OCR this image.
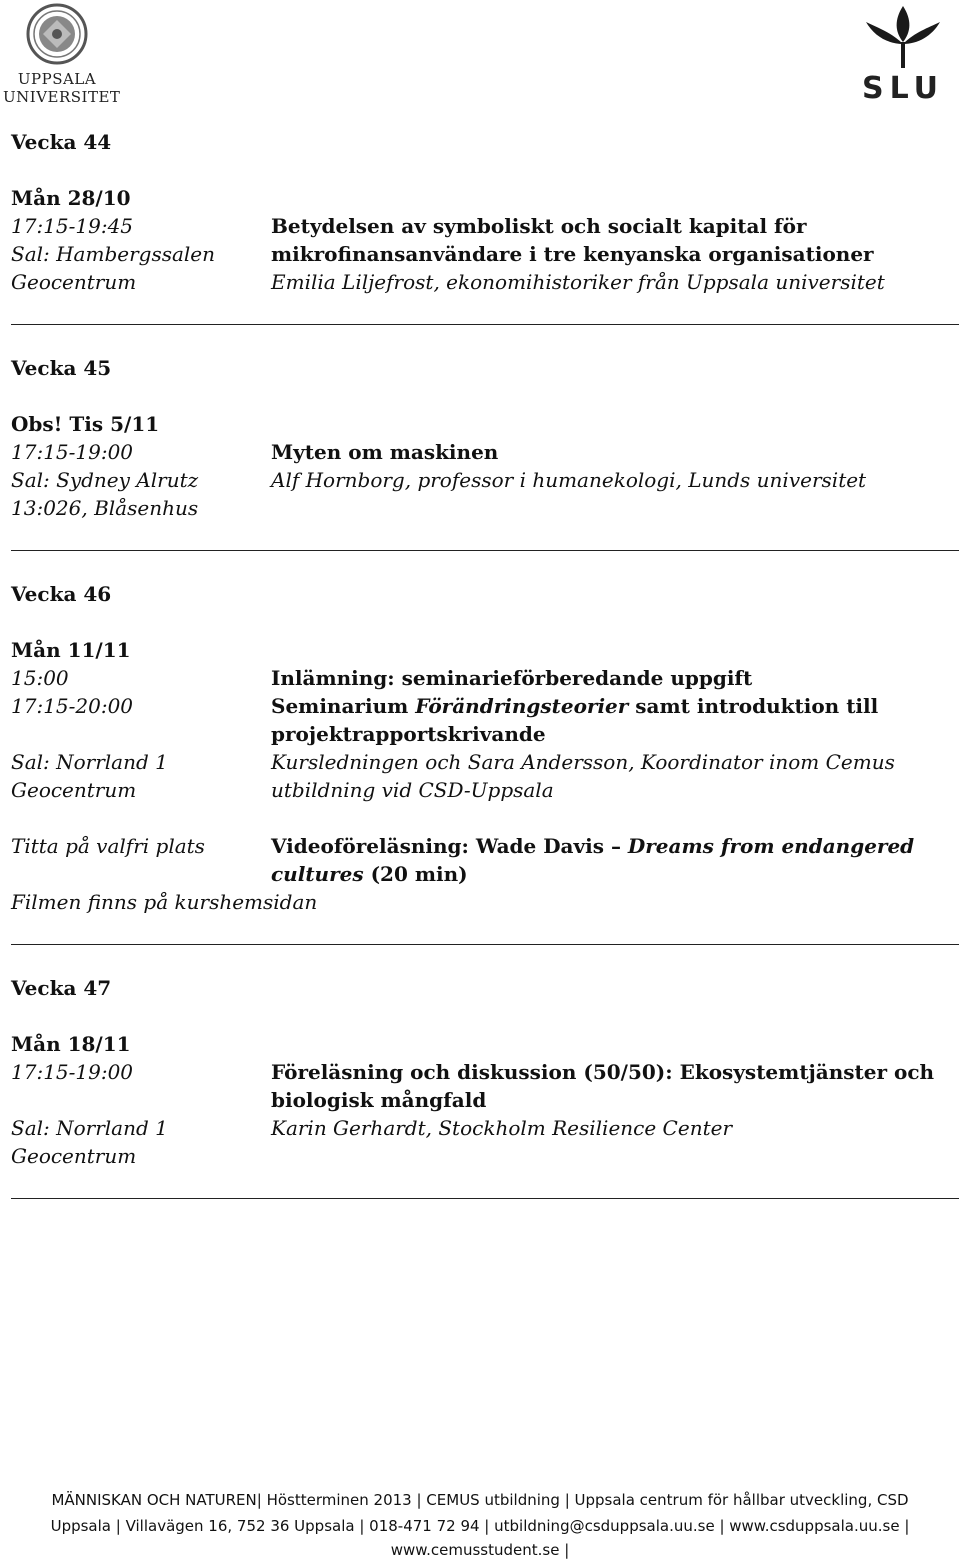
UPPSALA
UNIVERSITET	SLU
Vecka 44
Mån 28/10
17:15-19:45
Sal: Hambergssalen
Geocentrum
Betydelsen av symboliskt och socialt kapital för
mikrofinansanvändare i tre kenyanska organisationer
Emilia Liljefrost, ekonomihistoriker från Uppsala universitet
Vecka 45
Obs! Tis 5/11
17:15-19:00
Sal: Sydney Alrutz
13:026, Blåsenhus
Myten om maskinen
Alf Hornborg, professor i humanekologi, Lunds universitet
Vecka 46
Mån 11/11
15:00
17:15-20:00
Sal: Norrland 1
Geocentrum
Inlämning: seminarieförberedande uppgift
Seminarium Förändringsteorier samt introduktion till
projektrapportskrivande
Kursledningen och Sara Andersson, Koordinator inom Cemus
utbildning vid CSD-Uppsala
Titta på valfri plats	Videoföreläsning: Wade Davis – Dreams from endangered
cultures (20 min)
Filmen finns på kurshemsidan
Vecka 47
Mån 18/11
17:15-19:00
Sal: Norrland 1
Geocentrum
Föreläsning och diskussion (50/50): Ekosystemtjänster och
biologisk mångfald
Karin Gerhardt, Stockholm Resilience Center
MÄNNISKAN OCH NATUREN| Höstterminen 2013 | CEMUS utbildning | Uppsala centrum för hållbar utveckling, CSD
Uppsala | Villavägen 16, 752 36 Uppsala | 018-471 72 94 | utbildning@csduppsala.uu.se | www.csduppsala.uu.se |
www.cemusstudent.se |
